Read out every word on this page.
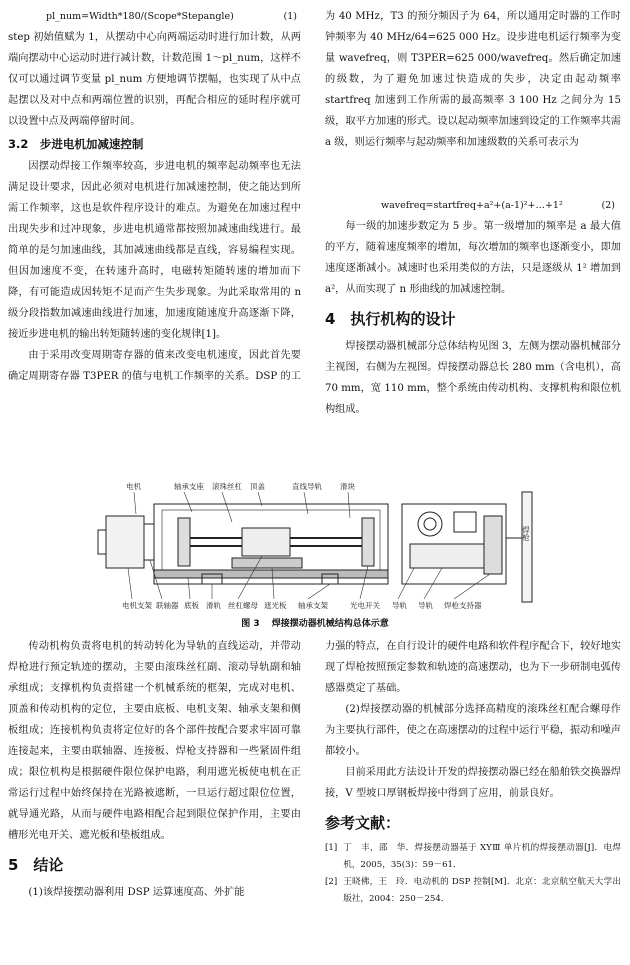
pl_num=Width*180/(Scope*Stepangle)	(1)

step 初始值赋为 1，从摆动中心向两端运动时进行加计数，从两端向摆动中心运动时进行减计数，计数范围 1～pl_num，这样不仅可以通过调节变量 pl_num 方便地调节摆幅，也实现了从中点起摆以及对中点和两端位置的识别，再配合相应的延时程序就可以设置中点及两端停留时间。

3.2　步进电机加减速控制

因摆动焊接工作频率较高，步进电机的频率起动频率也无法满足设计要求，因此必须对电机进行加减速控制，使之能达到所需工作频率，这也是软件程序设计的难点。为避免在加速过程中出现失步和过冲现象，步进电机通常都按照加减速曲线进行。最简单的是匀加速曲线，其加减速曲线都是直线，容易编程实现。但因加速度不变，在转速升高时，电磁转矩随转速的增加而下降，有可能造成因转矩不足而产生失步现象。为此采取常用的 n 级分段指数加减速曲线进行加速，加速度随速度升高逐渐下降，接近步进电机的输出转矩随转速的变化规律[1]。

由于采用改变周期寄存器的值来改变电机速度，因此首先要确定周期寄存器 T3PER 的值与电机工作频率的关系。DSP 的工

为 40 MHz，T3 的预分频因子为 64，所以通用定时器的工作时钟频率为 40 MHz/64=625 000 Hz。设步进电机运行频率为变量 wavefreq，则 T3PER=625 000/wavefreq。然后确定加速的级数，为了避免加速过快造成的失步，决定由起动频率 startfreq 加速到工作所需的最高频率 3 100 Hz 之间分为 15 级，取平方加速的形式。设以起动频率加速到设定的工作频率共需 a 级，则运行频率与起动频率和加速级数的关系可表示为

wavefreq=startfreq+a²+(a-1)²+…+1²	(2)

每一级的加速步数定为 5 步。第一级增加的频率是 a 最大值的平方，随着速度频率的增加，每次增加的频率也逐渐变小，即加速度逐渐减小。减速时也采用类似的方法，只是逐级从 1² 增加到 a²，从而实现了 n 形曲线的加减速控制。

4　执行机构的设计

焊接摆动器机械部分总体结构见图 3，左侧为摆动器机械部分主视图，右侧为左视图。焊接摆动器总长 280 mm（含电机），高 70 mm，宽 110 mm，整个系统由传动机构、支撑机构和限位机构组成。

电机	轴承支座 滚珠丝杠 顶盖	直线导轨 滑块
焊枪
电机支架 联轴器 底板 滑轨 丝杠螺母 遮光板 轴承支架	光电开关 导轨 导轨 焊枪支持器
图 3 焊接摆动器机械结构总体示意

传动机构负责将电机的转动转化为导轨的直线运动，并带动焊枪进行预定轨迹的摆动，主要由滚珠丝杠副、滚动导轨副和轴承组成；支撑机构负责搭建一个机械系统的框架，完成对电机、顶盖和传动机构的定位，主要由底板、电机支架、轴承支架和侧板组成；连接机构负责将定位好的各个部件按配合要求牢固可靠连接起来，主要由联轴器、连接板、焊枪支持器和一些紧固件组成；限位机构是根据硬件限位保护电路，利用遮光板使电机在正常运行过程中始终保持在光路被遮断，一旦运行超过限位位置，就导通光路，从而与硬件电路相配合起到限位保护作用，主要由槽形光电开关、遮光板和垫板组成。

5　结论

(1)该焊接摆动器利用 DSP 运算速度高、外扩能

力强的特点，在自行设计的硬件电路和软件程序配合下，较好地实现了焊枪按照预定参数和轨迹的高速摆动，也为下一步研制电弧传感器奠定了基础。

(2)焊接摆动器的机械部分选择高精度的滚珠丝杠配合螺母作为主要执行部件，使之在高速摆动的过程中运行平稳，振动和噪声都较小。

目前采用此方法设计开发的焊接摆动器已经在船舶铁交换器焊接，V 型坡口厚钢板焊接中得到了应用，前景良好。

参考文献：
[1] 丁　丰，邵　华．焊接摆动器基于 XYⅢ 单片机的焊接摆动器[J]．电焊机，2005，35(3)：59－61．
[2] 王晓佛，王　玲．电动机的 DSP 控制[M]．北京：北京航空航天大学出版社，2004：250－254．
